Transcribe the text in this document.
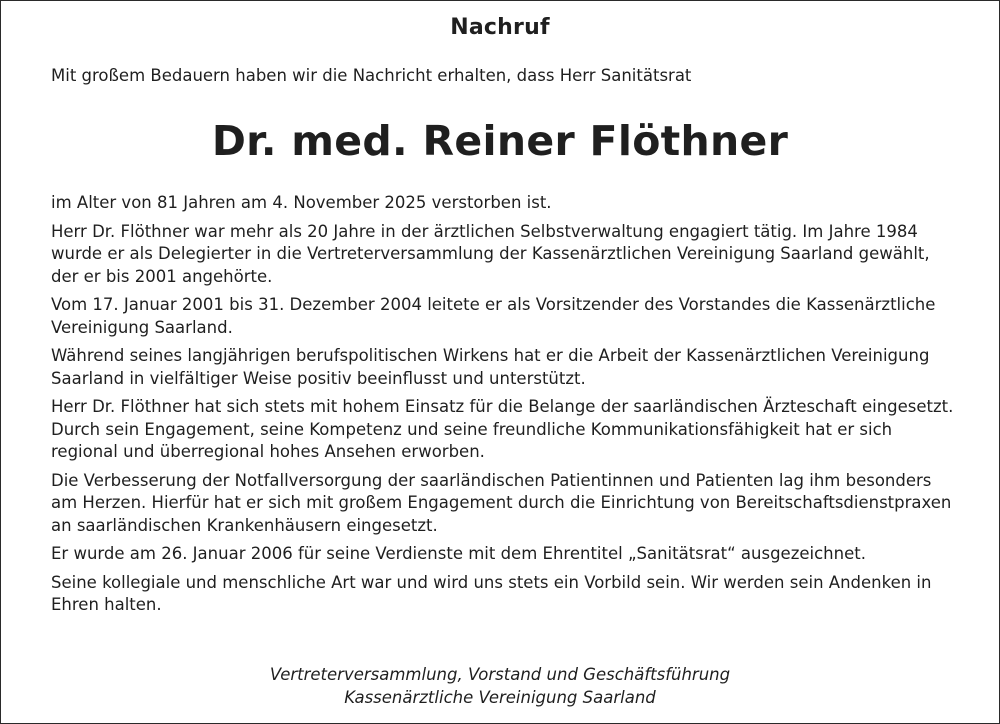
Nachruf
Mit großem Bedauern haben wir die Nachricht erhalten, dass Herr Sanitätsrat
Dr. med. Reiner Flöthner

im Alter von 81 Jahren am 4. November 2025 verstorben ist.

Herr Dr. Flöthner war mehr als 20 Jahre in der ärztlichen Selbstverwaltung engagiert tätig. Im Jahre 1984 wurde er als Delegierter in die Vertreterversammlung der Kassenärztlichen Vereinigung Saarland gewählt, der er bis 2001 angehörte.

Vom 17. Januar 2001 bis 31. Dezember 2004 leitete er als Vorsitzender des Vorstandes die Kassenärztliche Vereinigung Saarland.

Während seines langjährigen berufspolitischen Wirkens hat er die Arbeit der Kassenärztlichen Vereinigung Saarland in vielfältiger Weise positiv beeinflusst und unterstützt.

Herr Dr. Flöthner hat sich stets mit hohem Einsatz für die Belange der saarländischen Ärzteschaft eingesetzt. Durch sein Engagement, seine Kompetenz und seine freundliche Kommunikationsfähigkeit hat er sich regional und überregional hohes Ansehen erworben.

Die Verbesserung der Notfallversorgung der saarländischen Patientinnen und Patienten lag ihm besonders am Herzen. Hierfür hat er sich mit großem Engagement durch die Einrichtung von Bereitschaftsdienstpraxen an saarländischen Krankenhäusern eingesetzt.

Er wurde am 26. Januar 2006 für seine Verdienste mit dem Ehrentitel „Sanitätsrat“ ausgezeichnet.

Seine kollegiale und menschliche Art war und wird uns stets ein Vorbild sein. Wir werden sein Andenken in Ehren halten.

Vertreterversammlung, Vorstand und Geschäftsführung
Kassenärztliche Vereinigung Saarland
